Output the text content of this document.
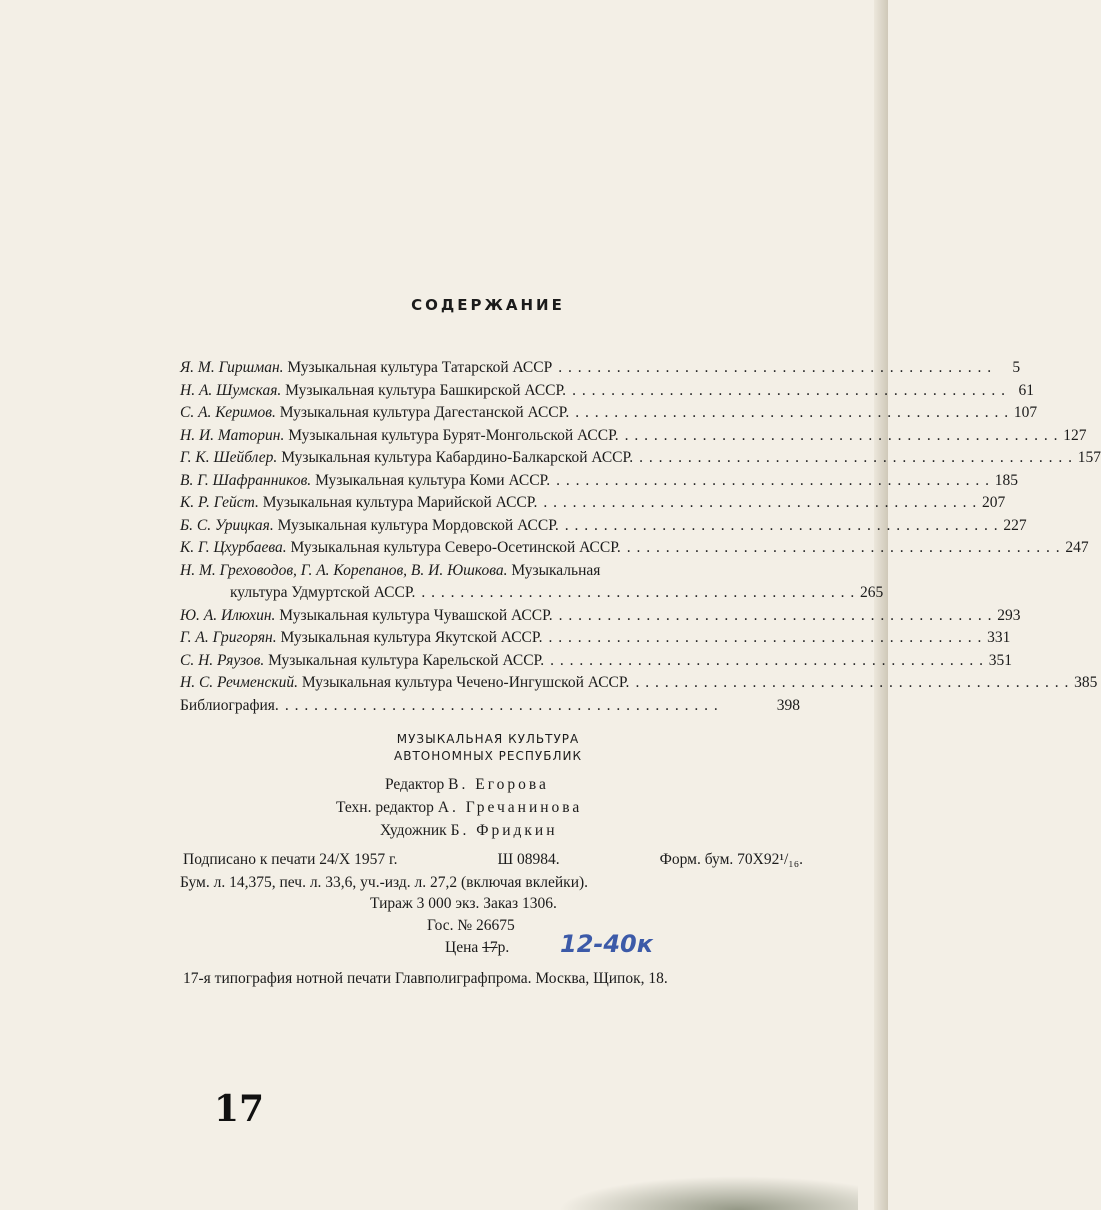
СОДЕРЖАНИЕ
Я. М. Гиршман. Музыкальная культура Татарской АССР . . .	5
Н. А. Шумская. Музыкальная культура Башкирской АССР. . . .	61
С. А. Керимов. Музыкальная культура Дагестанской АССР. . . .	107
Н. И. Маторин. Музыкальная культура Бурят-Монгольской АССР. . . .	127
Г. К. Шейблер. Музыкальная культура Кабардино-Балкарской АССР. . . .	157
В. Г. Шафранников. Музыкальная культура Коми АССР. . . .	185
К. Р. Гейст. Музыкальная культура Марийской АССР. . . .	207
Б. С. Урицкая. Музыкальная культура Мордовской АССР. . . .	227
К. Г. Цхурбаева. Музыкальная культура Северо-Осетинской АССР. . . .	247
Н. М. Греховодов, Г. А. Корепанов, В. И. Юшкова. Музыкальная
культура Удмуртской АССР. . . .	265
Ю. А. Илюхин. Музыкальная культура Чувашской АССР. . . .	293
Г. А. Григорян. Музыкальная культура Якутской АССР. . . .	331
С. Н. Ряузов. Музыкальная культура Карельской АССР. . . .	351
Н. С. Речменский. Музыкальная культура Чечено-Ингушской АССР. . . .	385
Библиография. . . .	398
МУЗЫКАЛЬНАЯ КУЛЬТУРА
АВТОНОМНЫХ РЕСПУБЛИК
Редактор В. Егорова
Техн. редактор А. Гречанинова
Художник Б. Фридкин
Подписано к печати 24/Х 1957 г.	Ш 08984.	Форм. бум. 70Х92¹/₁₆.
Бум. л. 14,375, печ. л. 33,6, уч.-изд. л. 27,2 (включая вклейки).
Тираж 3 000 экз. Заказ 1306.
Гос. № 26675
Цена 17р. 12-40к
17-я типография нотной печати Главполиграфпрома. Москва, Щипок, 18.
17
